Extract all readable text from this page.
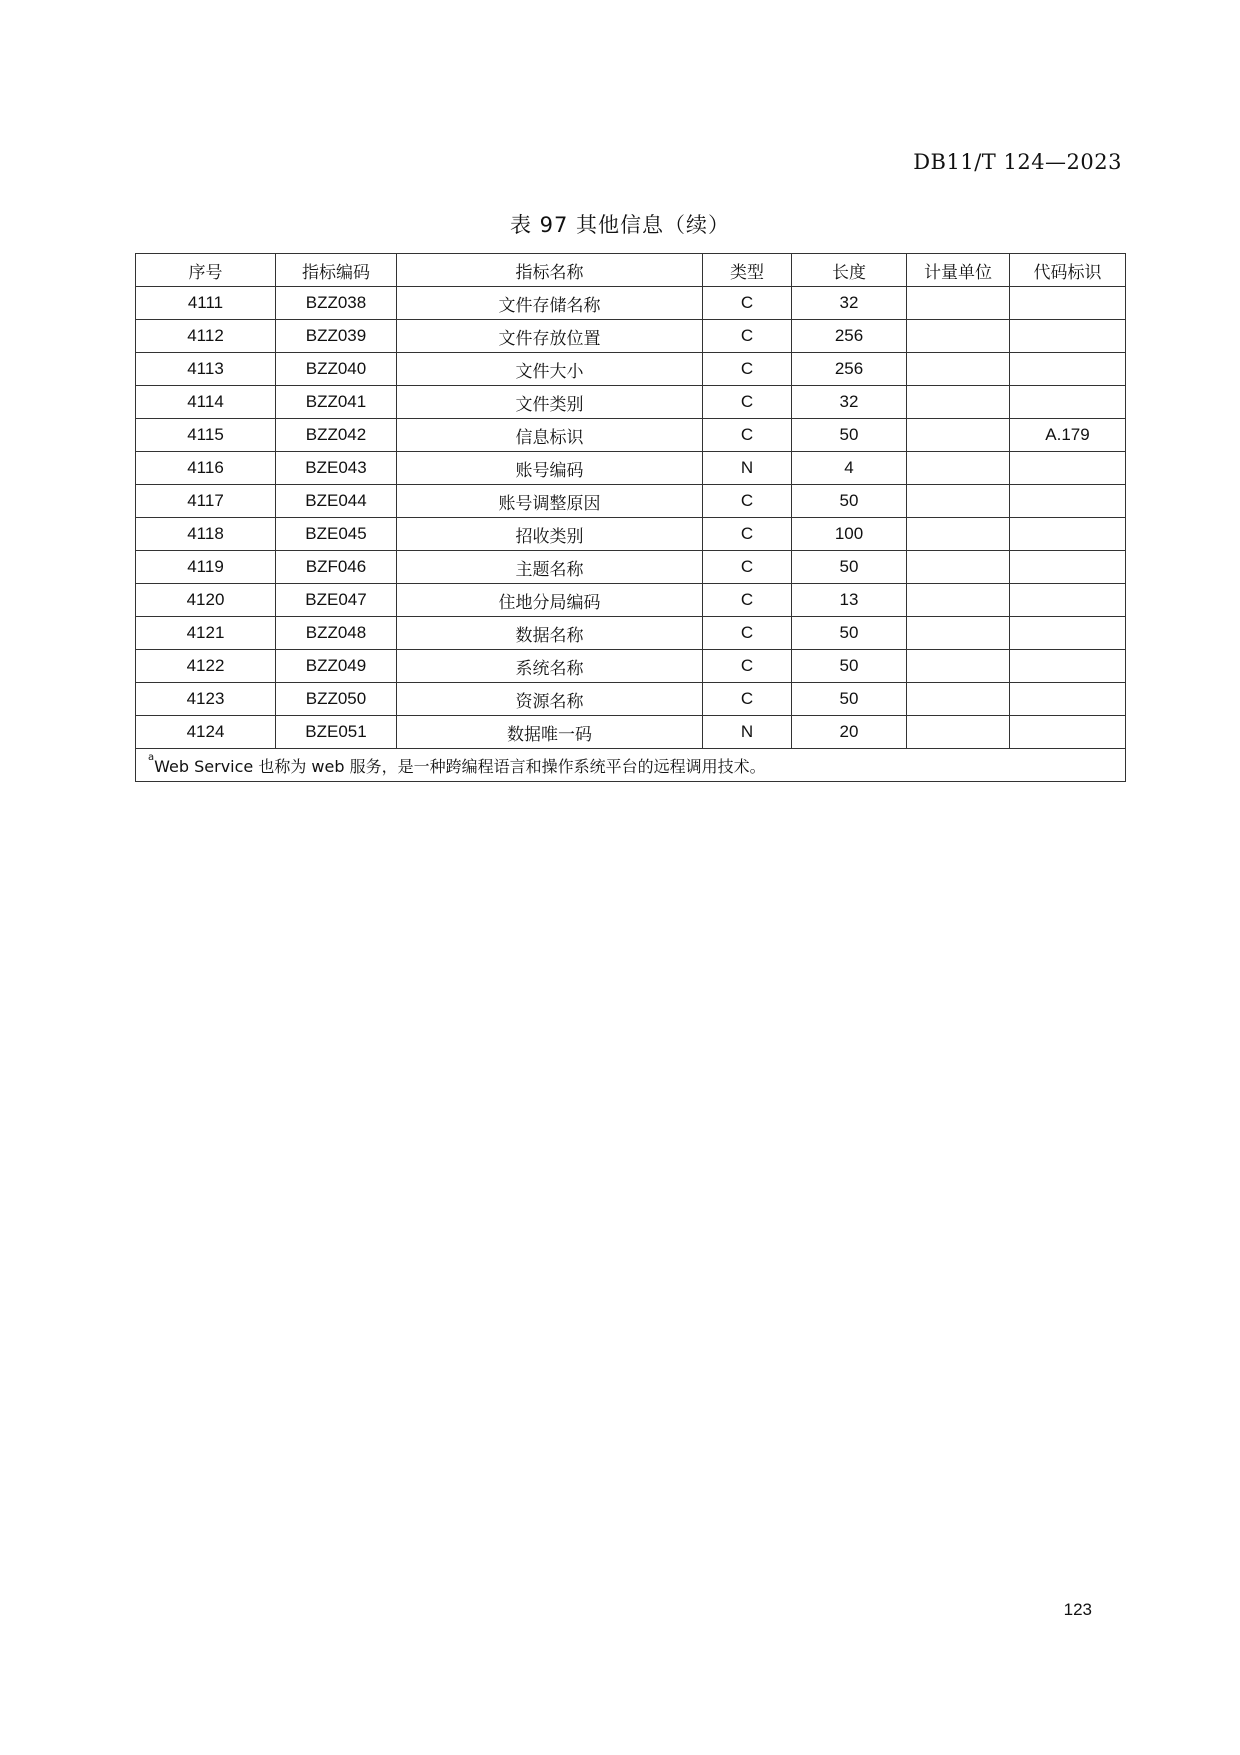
DB11/T 124—2023
表 97 其他信息（续）
序号	指标编码	指标名称	类型	长度	计量单位	代码标识
4111	BZZ038	文件存储名称	C	32		
4112	BZZ039	文件存放位置	C	256		
4113	BZZ040	文件大小	C	256		
4114	BZZ041	文件类别	C	32		
4115	BZZ042	信息标识	C	50		A.179
4116	BZE043	账号编码	N	4		
4117	BZE044	账号调整原因	C	50		
4118	BZE045	招收类别	C	100		
4119	BZF046	主题名称	C	50		
4120	BZE047	住地分局编码	C	13		
4121	BZZ048	数据名称	C	50		
4122	BZZ049	系统名称	C	50		
4123	BZZ050	资源名称	C	50		
4124	BZE051	数据唯一码	N	20		
$^a$Web Service 也称为 web 服务，是一种跨编程语言和操作系统平台的远程调用技术。						
123
